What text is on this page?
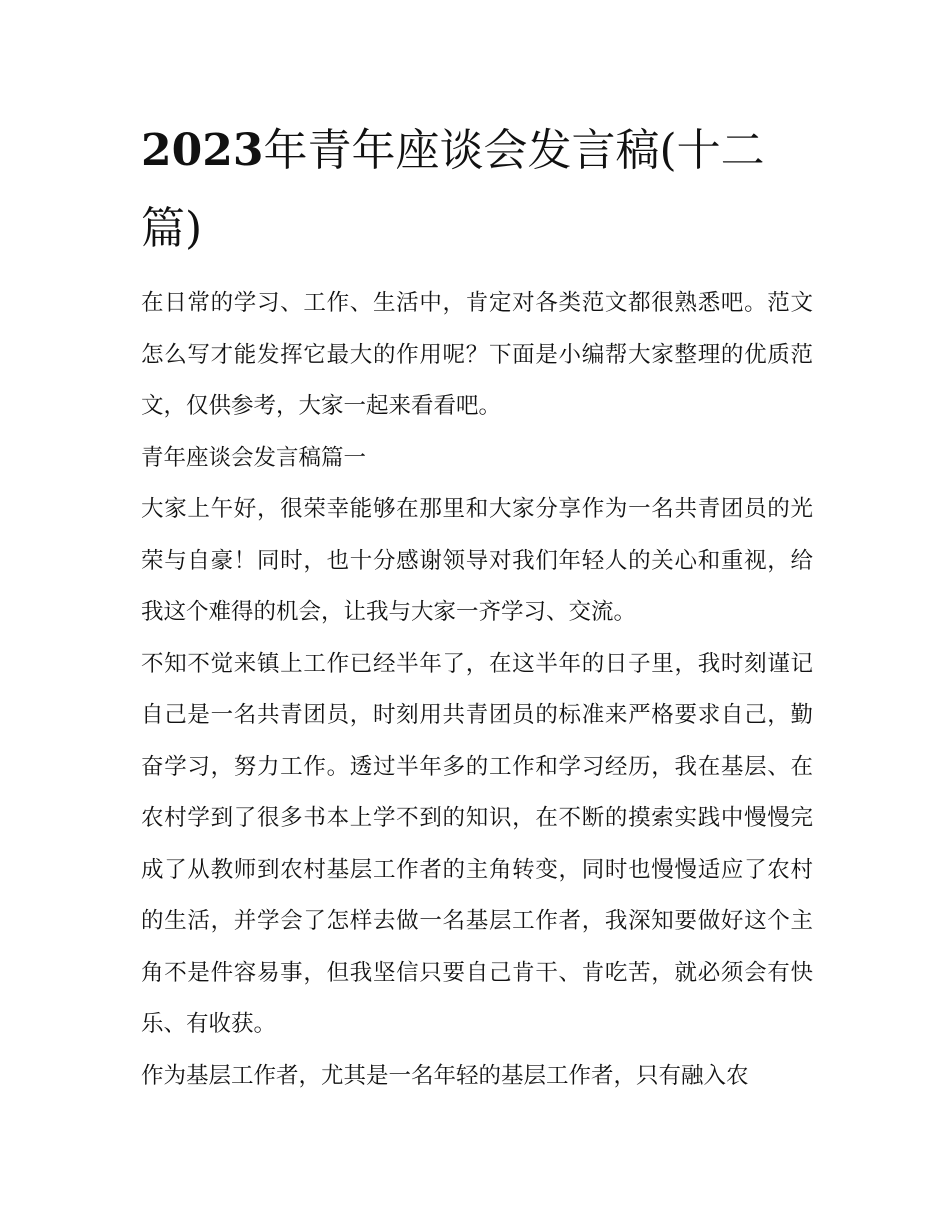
2023年青年座谈会发言稿(十二篇)

在日常的学习、工作、生活中，肯定对各类范文都很熟悉吧。范文怎么写才能发挥它最大的作用呢？下面是小编帮大家整理的优质范文，仅供参考，大家一起来看看吧。

青年座谈会发言稿篇一

大家上午好，很荣幸能够在那里和大家分享作为一名共青团员的光荣与自豪！同时，也十分感谢领导对我们年轻人的关心和重视，给我这个难得的机会，让我与大家一齐学习、交流。

不知不觉来镇上工作已经半年了，在这半年的日子里，我时刻谨记自己是一名共青团员，时刻用共青团员的标准来严格要求自己，勤奋学习，努力工作。透过半年多的工作和学习经历，我在基层、在农村学到了很多书本上学不到的知识，在不断的摸索实践中慢慢完成了从教师到农村基层工作者的主角转变，同时也慢慢适应了农村的生活，并学会了怎样去做一名基层工作者，我深知要做好这个主角不是件容易事，但我坚信只要自己肯干、肯吃苦，就必须会有快乐、有收获。

作为基层工作者，尤其是一名年轻的基层工作者，只有融入农
